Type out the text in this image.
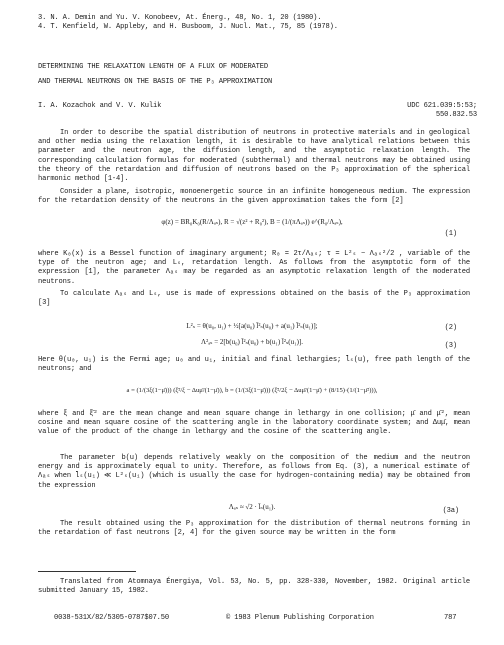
3. N. A. Demin and Yu. V. Konobeev, At. Énerg., 48, No. 1, 20 (1980).
4. T. Kenfield, W. Appleby, and H. Busboom, J. Nucl. Mat., 75, 85 (1978).
DETERMINING THE RELAXATION LENGTH OF A FLUX OF MODERATED
AND THERMAL NEUTRONS ON THE BASIS OF THE P₃ APPROXIMATION
I. A. Kozachok and V. V. Kulik	UDC 621.039:5:53;
550.832.53
In order to describe the spatial distribution of neutrons in protective materials and in geological and other media using the relaxation length, it is desirable to have analytical relations between this parameter and the neutron age, the diffusion length, and the asymptotic relaxation length. The corresponding calculation formulas for moderated (subthermal) and thermal neutrons may be obtained using the theory of the retardation and diffusion of neutrons based on the P₃ approximation of the spherical harmonic method [1-4].
Consider a plane, isotropic, monoenergetic source in an infinite homogeneous medium. The expression for the retardation density of the neutrons in the given approximation takes the form [2]
φ(z) = BR₀K₀(R/Λₐₛ), R = √(z² + R₀²), B = (1/(πΛₐₛ)) e^(R₀/Λₐₛ),
(1)
where K₀(x) is a Bessel function of imaginary argument; R₀ = 2τ/Λₐₛ; τ = L²ₛ − Λₐₛ²/2 , variable of the type of the neutron age; and Lₛ, retardation length. As follows from the asymptotic form of the expression [1], the parameter Λₐₛ may be regarded as an asymptotic relaxation length of the moderated neutrons.
To calculate Λₐₛ and Lₛ, use is made of expressions obtained on the basis of the P₃ approximation [3]
L²ₛ = θ(u₀, u₁) + ½[a(u₀) l̄²ₛ(u₀) + a(u₁) l̄²ₛ(u₁)];	(2)
Λ²ₐₛ = 2[b(u₀) l̄²ₛ(u₀) + b(u₁) l̄²ₛ(u₁)].	(3)
Here θ(u₀, u₁) is the Fermi age; u₀ and u₁, initial and final lethargies; l̄ₛ(u), free path length of the neutrons; and
a = (1/(3ξ(1−μ̄))) (ξ̄²/ξ − Δuμ̄/(1−μ̄)), b = (1/(3ξ(1−μ̄))) (ξ̄²/2ξ − Δuμ̄/(1−μ̄) + (8/15)·(1/(1−μ̄²))),
where ξ and ξ̄² are the mean change and mean square change in lethargy in one collision; μ̄ and μ̄², mean cosine and mean square cosine of the scattering angle in the laboratory coordinate system; and Δuμ̄, mean value of the product of the change in lethargy and the cosine of the scattering angle.
The parameter b(u) depends relatively weakly on the composition of the medium and the neutron energy and is approximately equal to unity. Therefore, as follows from Eq. (3), a numerical estimate of Λₐₛ when l̄ₛ(u₁) ≪ L²ₛ(u₁) (which is usually the case for hydrogen-containing media) may be obtained from the expression
Λₐₛ ≈ √2 · l̄ₛ(u₁).	(3a)
The result obtained using the P₃ approximation for the distribution of thermal neutrons forming in the retardation of fast neutrons [2, 4] for the given source may be written in the form
Translated from Atomnaya Énergiya, Vol. 53, No. 5, pp. 328-330, November, 1982. Original article submitted January 15, 1982.
0038-531X/82/5305-0787$07.50	© 1983 Plenum Publishing Corporation	787
